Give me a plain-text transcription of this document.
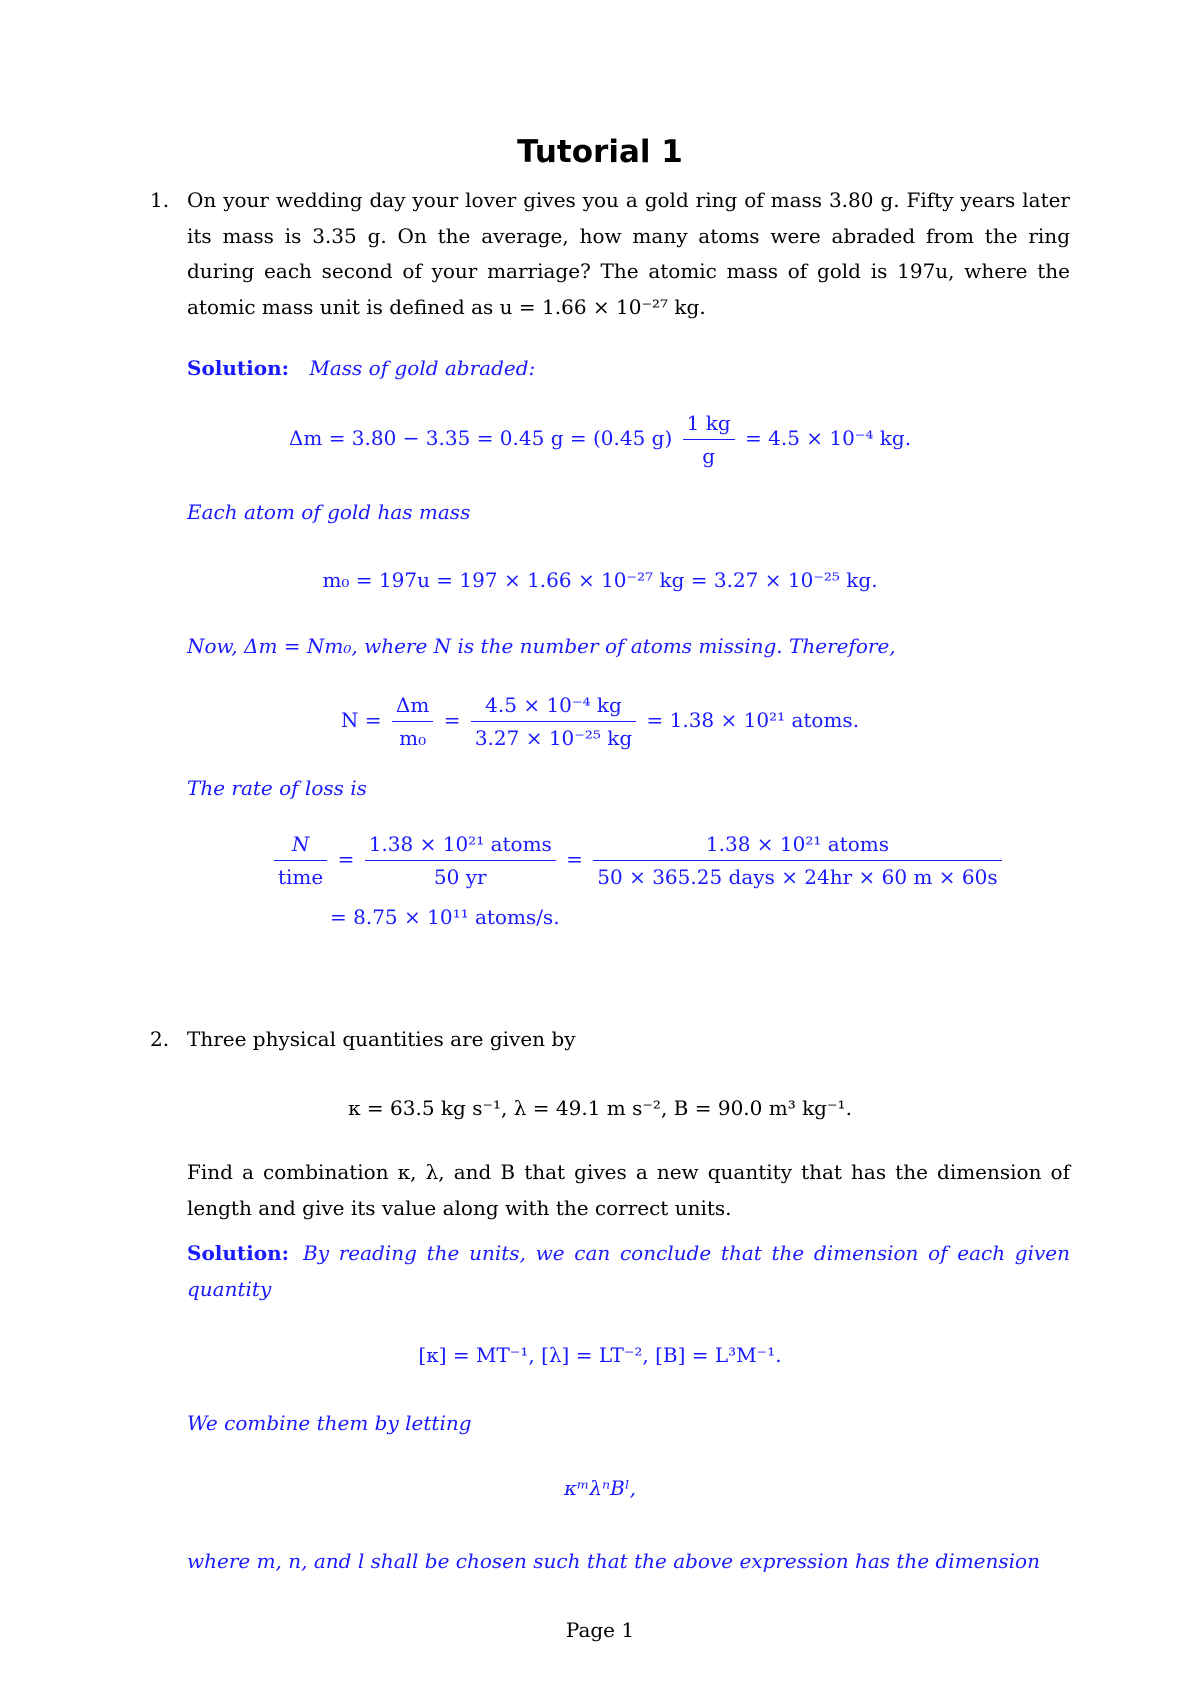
Tutorial 1
1. On your wedding day your lover gives you a gold ring of mass 3.80 g. Fifty years later its mass is 3.35 g. On the average, how many atoms were abraded from the ring during each second of your marriage? The atomic mass of gold is 197u, where the atomic mass unit is defined as u = 1.66 × 10⁻²⁷ kg.
Solution: Mass of gold abraded:
Δm = 3.80 − 3.35 = 0.45 g = (0.45 $g) \frac{1 kg}{g} = 4.5 \times 10^{-4}$ kg.
Each atom of gold has mass
m₀ = 197u = 197 × 1.66 × 10⁻²⁷ kg = 3.27 × 10⁻²⁵ kg.
Now, Δm = Nm₀, where N is the number of atoms missing. Therefore,
$N = \frac{\Delta m}{\text{m₀}} = \frac{\text{4.5 × 10⁻⁴ kg}}{\text{3.27 × 10⁻²⁵ kg}} = 1.38 \times 10^{21}$ atoms.
The rate of loss is
$\frac{N}{\text{time}} = \frac{\text{1.38 × 10²¹ atoms}}{50 yr} = \frac{\text{1.38 × 10²¹ atoms}}{\text{50 × 365.25 days × 24hr × 60 m × 60s}}$
= 8.75 × 10¹¹ atoms/s.
2. Three physical quantities are given by
κ = 63.5 kg s⁻¹, λ = 49.1 m s⁻², B = 90.0 m³ kg⁻¹.
Find a combination κ, λ, and B that gives a new quantity that has the dimension of length and give its value along with the correct units.
Solution: By reading the units, we can conclude that the dimension of each given quantity
[κ] = MT⁻¹, [λ] = LT⁻², [B] = L³M⁻¹.
We combine them by letting
κᵐλⁿBˡ,
where m, n, and l shall be chosen such that the above expression has the dimension
Page 1
